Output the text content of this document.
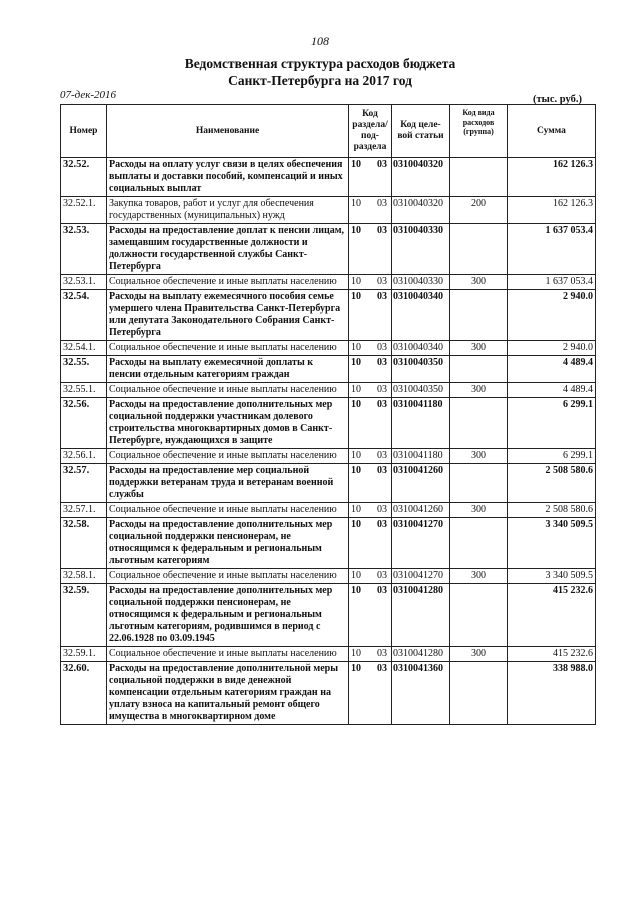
108
Ведомственная структура расходов бюджета
Санкт-Петербурга на 2017 год
07-дек-2016	(тыс. руб.)
Номер	Наименование	Код раздела/ под- раздела	Код целе- вой статьи	Код вида расходов (группа)	Сумма
32.52.	Расходы на оплату услуг связи в целях обеспечения выплаты и доставки пособий, компенсаций и иных социальных выплат	10 03	0310040320		162 126.3
32.52.1.	Закупка товаров, работ и услуг для обеспечения государственных (муниципальных) нужд	10 03	0310040320	200	162 126.3
32.53.	Расходы на предоставление доплат к пенсии лицам, замещавшим государственные должности и должности государственной службы Санкт-Петербурга	10 03	0310040330		1 637 053.4
32.53.1.	Социальное обеспечение и иные выплаты населению	10 03	0310040330	300	1 637 053.4
32.54.	Расходы на выплату ежемесячного пособия семье умершего члена Правительства Санкт-Петербурга или депутата Законодательного Собрания Санкт-Петербурга	10 03	0310040340		2 940.0
32.54.1.	Социальное обеспечение и иные выплаты населению	10 03	0310040340	300	2 940.0
32.55.	Расходы на выплату ежемесячной доплаты к пенсии отдельным категориям граждан	10 03	0310040350		4 489.4
32.55.1.	Социальное обеспечение и иные выплаты населению	10 03	0310040350	300	4 489.4
32.56.	Расходы на предоставление дополнительных мер социальной поддержки участникам долевого строительства многоквартирных домов в Санкт-Петербурге, нуждающихся в защите	10 03	0310041180		6 299.1
32.56.1.	Социальное обеспечение и иные выплаты населению	10 03	0310041180	300	6 299.1
32.57.	Расходы на предоставление мер социальной поддержки ветеранам труда и ветеранам военной службы	10 03	0310041260		2 508 580.6
32.57.1.	Социальное обеспечение и иные выплаты населению	10 03	0310041260	300	2 508 580.6
32.58.	Расходы на предоставление дополнительных мер социальной поддержки пенсионерам, не относящимся к федеральным и региональным льготным категориям	10 03	0310041270		3 340 509.5
32.58.1.	Социальное обеспечение и иные выплаты населению	10 03	0310041270	300	3 340 509.5
32.59.	Расходы на предоставление дополнительных мер социальной поддержки пенсионерам, не относящимся к федеральным и региональным льготным категориям, родившимся в период с 22.06.1928 по 03.09.1945	10 03	0310041280		415 232.6
32.59.1.	Социальное обеспечение и иные выплаты населению	10 03	0310041280	300	415 232.6
32.60.	Расходы на предоставление дополнительной меры социальной поддержки в виде денежной компенсации отдельным категориям граждан на уплату взноса на капитальный ремонт общего имущества в многоквартирном доме	10 03	0310041360		338 988.0
